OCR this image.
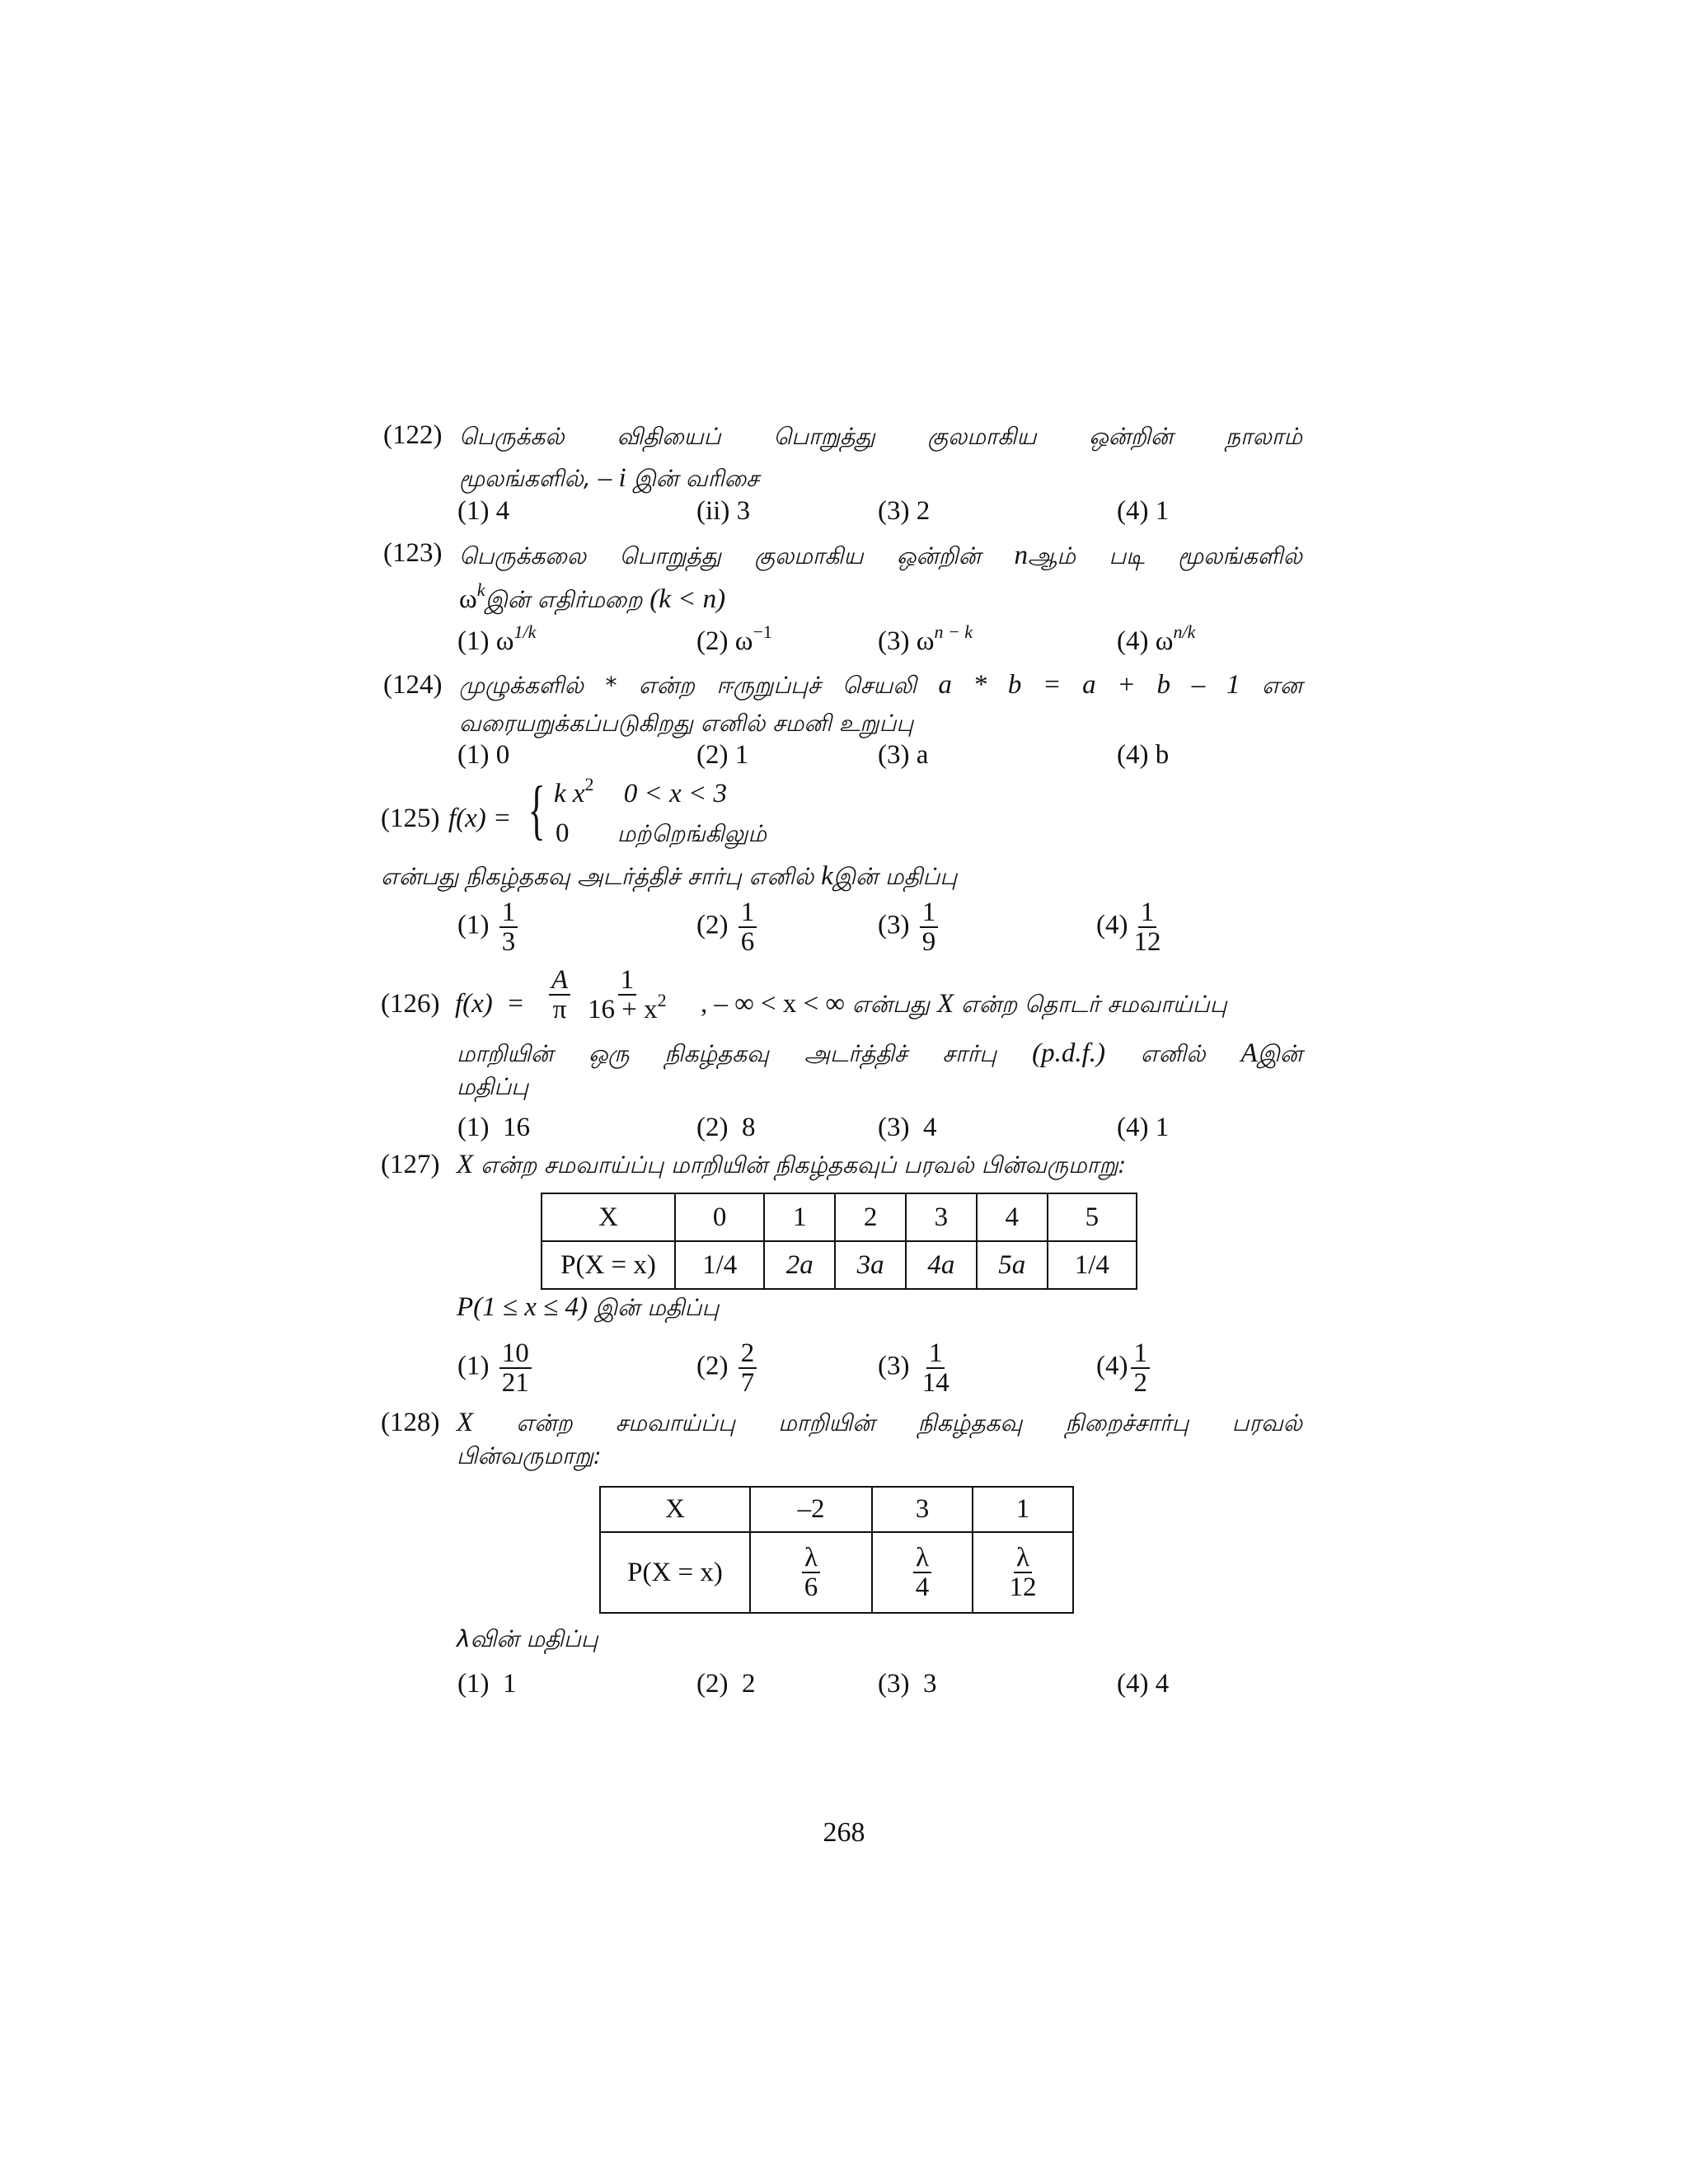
(122) பெருக்கல் விதியைப் பொறுத்து குலமாகிய ஒன்றின் நாலாம்
மூலங்களில், – i இன் வரிசை
(1) 4	(ii) 3	(3) 2	(4) 1
(123) பெருக்கலை பொறுத்து குலமாகிய ஒன்றின் nஆம் படி மூலங்களில்
$\omega^kஇன்$ எதிர்மறை (k < n)
(1) $\omega^{1/k}$	(2) $\omega^{-1}$	(3) $\omega^{n - k}$	(4) $\omega^{n/k}$
(124) முழுக்களில் * என்ற ஈருறுப்புச் செயலி a * b = a + b – 1 என
வரையறுக்கப்படுகிறது எனில் சமனி உறுப்பு
(1) 0	(2) 1	(3) a	(4) b
(125) f(x) = { k $x^2$ 0 < x < 3
0 மற்றெங்கிலும்
என்பது நிகழ்தகவு அடர்த்திச் சார்பு எனில் kஇன் மதிப்பு
$(1) \frac{1}{3}$	$(2) \frac{1}{6}$	$(3) \frac{1}{9}$	$(4) \frac{1}{12}$
(126) $f(x) = \frac{A}{\pi} \frac{1}{16 + x^2}$ , – ∞ < x < ∞ என்பது X என்ற தொடர் சமவாய்ப்பு
மாறியின் ஒரு நிகழ்தகவு அடர்த்திச் சார்பு (p.d.f.) எனில் Aஇன்
மதிப்பு
(1)  16	(2)  8	(3)  4	(4) 1
(127) X என்ற சமவாய்ப்பு மாறியின் நிகழ்தகவுப் பரவல் பின்வருமாறு:
X	0	1	2	3	4	5
P(X = x)	1/4	2a	3a	4a	5a	1/4
P(1 ≤ x ≤ 4) இன் மதிப்பு
$(1) \frac{10}{21}$	$(2) \frac{2}{7}$	$(3) \frac{1}{14}$	$(4) \frac{1}{2}$
(128) X என்ற சமவாய்ப்பு மாறியின் நிகழ்தகவு நிறைச்சார்பு பரவல்
பின்வருமாறு:
X	–2	3	1
P(X = x)	$\frac{\lambda}{6}$	$\frac{\lambda}{4}$	$\frac{\lambda}{12}$
λவின் மதிப்பு
(1)  1	(2)  2	(3)  3	(4) 4
268
